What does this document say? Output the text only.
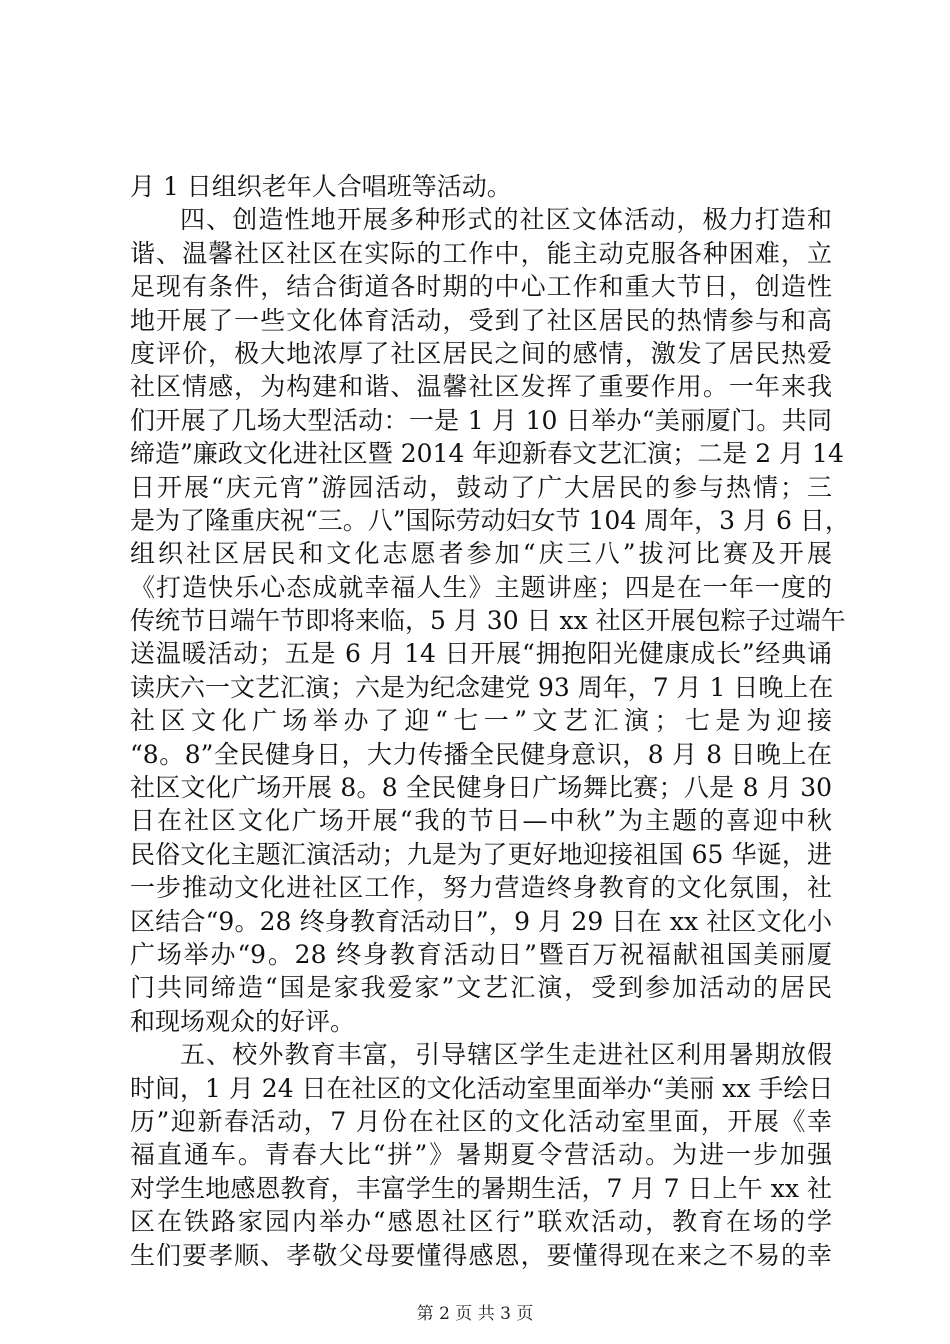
月 1 日组织老年人合唱班等活动。
四、创造性地开展多种形式的社区文体活动，极力打造和
谐、温馨社区社区在实际的工作中，能主动克服各种困难，立
足现有条件，结合街道各时期的中心工作和重大节日，创造性
地开展了一些文化体育活动，受到了社区居民的热情参与和高
度评价，极大地浓厚了社区居民之间的感情，激发了居民热爱
社区情感，为构建和谐、温馨社区发挥了重要作用。一年来我
们开展了几场大型活动：一是 1 月 10 日举办“美丽厦门。共同
缔造”廉政文化进社区暨 2014 年迎新春文艺汇演；二是 2 月 14
日开展“庆元宵”游园活动，鼓动了广大居民的参与热情；三
是为了隆重庆祝“三。八”国际劳动妇女节 104 周年，3 月 6 日，
组织社区居民和文化志愿者参加“庆三八”拔河比赛及开展
《打造快乐心态成就幸福人生》主题讲座；四是在一年一度的
传统节日端午节即将来临，5 月 30 日 xx 社区开展包粽子过端午
送温暖活动；五是 6 月 14 日开展“拥抱阳光健康成长”经典诵
读庆六一文艺汇演；六是为纪念建党 93 周年，7 月 1 日晚上在
社区文化广场举办了迎“七一”文艺汇演；七是为迎接
“8。8”全民健身日，大力传播全民健身意识，8 月 8 日晚上在
社区文化广场开展 8。8 全民健身日广场舞比赛；八是 8 月 30
日在社区文化广场开展“我的节日—中秋”为主题的喜迎中秋
民俗文化主题汇演活动；九是为了更好地迎接祖国 65 华诞，进
一步推动文化进社区工作，努力营造终身教育的文化氛围，社
区结合“9。28 终身教育活动日”，9 月 29 日在 xx 社区文化小
广场举办“9。28 终身教育活动日”暨百万祝福献祖国美丽厦
门共同缔造“国是家我爱家”文艺汇演，受到参加活动的居民
和现场观众的好评。
五、校外教育丰富，引导辖区学生走进社区利用暑期放假
时间，1 月 24 日在社区的文化活动室里面举办“美丽 xx 手绘日
历”迎新春活动，7 月份在社区的文化活动室里面，开展《幸
福直通车。青春大比“拼”》暑期夏令营活动。为进一步加强
对学生地感恩教育，丰富学生的暑期生活，7 月 7 日上午 xx 社
区在铁路家园内举办“感恩社区行”联欢活动，教育在场的学
生们要孝顺、孝敬父母要懂得感恩，要懂得现在来之不易的幸
第 2 页 共 3 页
